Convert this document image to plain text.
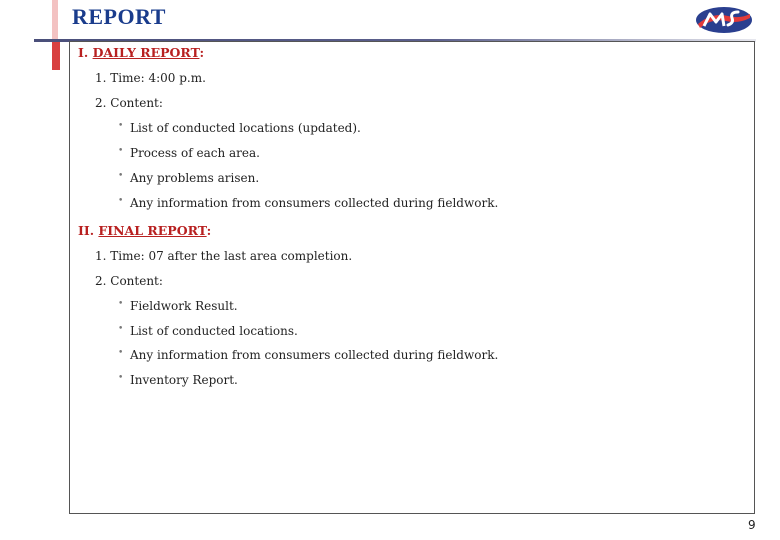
REPORT
I. DAILY REPORT:
1. Time: 4:00 p.m.
2. Content:
• List of conducted locations (updated).
• Process of each area.
• Any problems arisen.
• Any information from consumers collected during fieldwork.
II. FINAL REPORT:
1. Time: 07 after the last area completion.
2. Content:
• Fieldwork Result.
• List of conducted locations.
• Any information from consumers collected during fieldwork.
• Inventory Report.
9
